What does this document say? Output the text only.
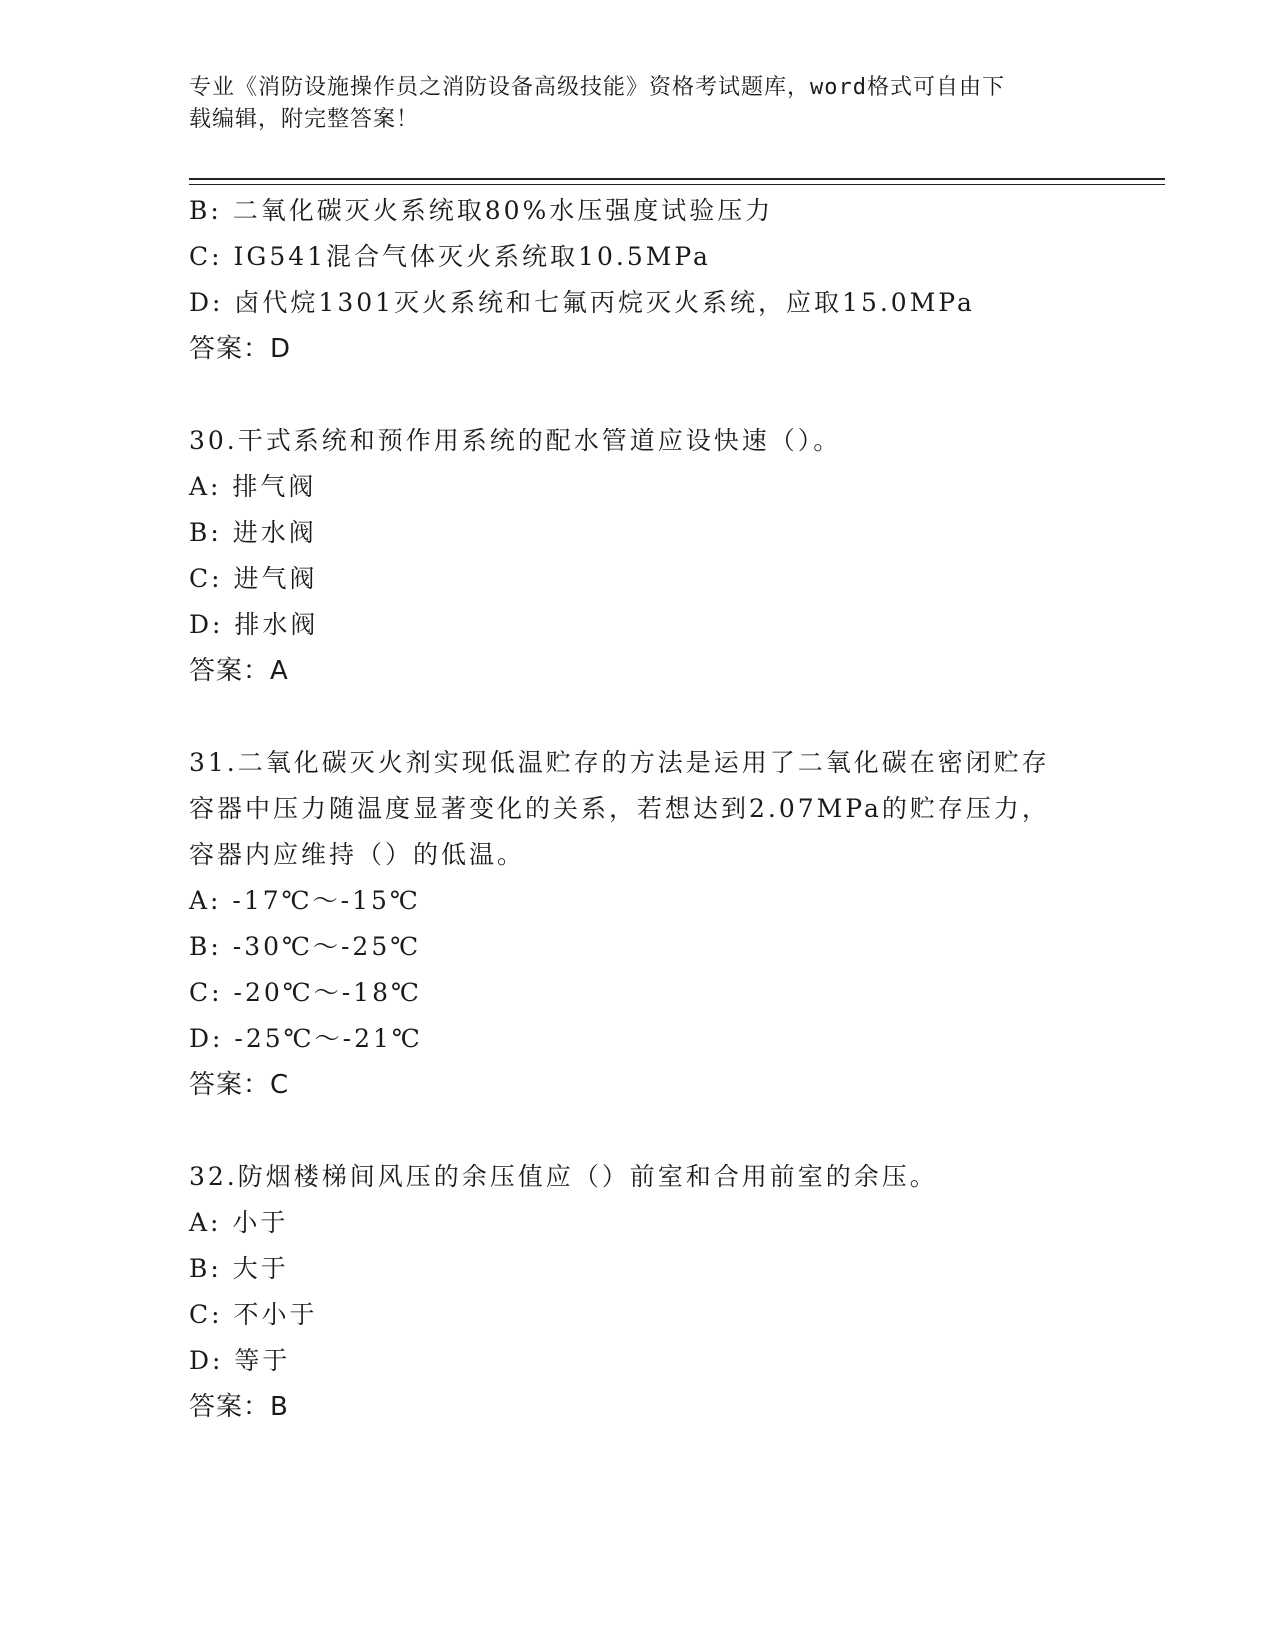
专业《消防设施操作员之消防设备高级技能》资格考试题库，word格式可自由下
载编辑，附完整答案！
B: 二氧化碳灭火系统取80%水压强度试验压力
C: IG541混合气体灭火系统取10.5MPa
D: 卤代烷1301灭火系统和七氟丙烷灭火系统，应取15.0MPa
答案：D
30.干式系统和预作用系统的配水管道应设快速（）。
A: 排气阀
B: 进水阀
C: 进气阀
D: 排水阀
答案：A
31.二氧化碳灭火剂实现低温贮存的方法是运用了二氧化碳在密闭贮存
容器中压力随温度显著变化的关系，若想达到2.07MPa的贮存压力，
容器内应维持（）的低温。
A: -17℃～-15℃
B: -30℃～-25℃
C: -20℃～-18℃
D: -25℃～-21℃
答案：C
32.防烟楼梯间风压的余压值应（）前室和合用前室的余压。
A: 小于
B: 大于
C: 不小于
D: 等于
答案：B
